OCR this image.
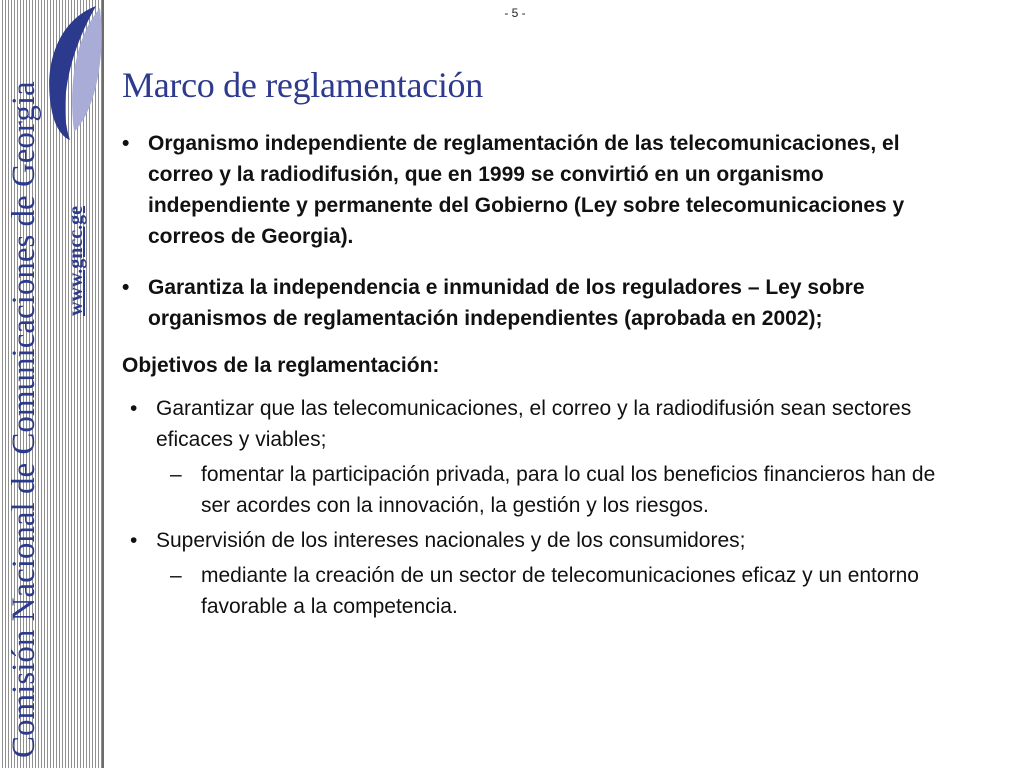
Comisión Nacional de Comunicaciones de Georgia www.gncc.ge
- 5 -
Marco de reglamentación

• Organismo independiente de reglamentación de las telecomunicaciones, el correo y la radiodifusión, que en 1999 se convirtió en un organismo independiente y permanente del Gobierno (Ley sobre telecomunicaciones y correos de Georgia).

• Garantiza la independencia e inmunidad de los reguladores – Ley sobre organismos de reglamentación independientes (aprobada en 2002);

Objetivos de la reglamentación:

• Garantizar que las telecomunicaciones, el correo y la radiodifusión sean sectores eficaces y viables;

– fomentar la participación privada, para lo cual los beneficios financieros han de ser acordes con la innovación, la gestión y los riesgos.

• Supervisión de los intereses nacionales y de los consumidores;

– mediante la creación de un sector de telecomunicaciones eficaz y un entorno favorable a la competencia.
